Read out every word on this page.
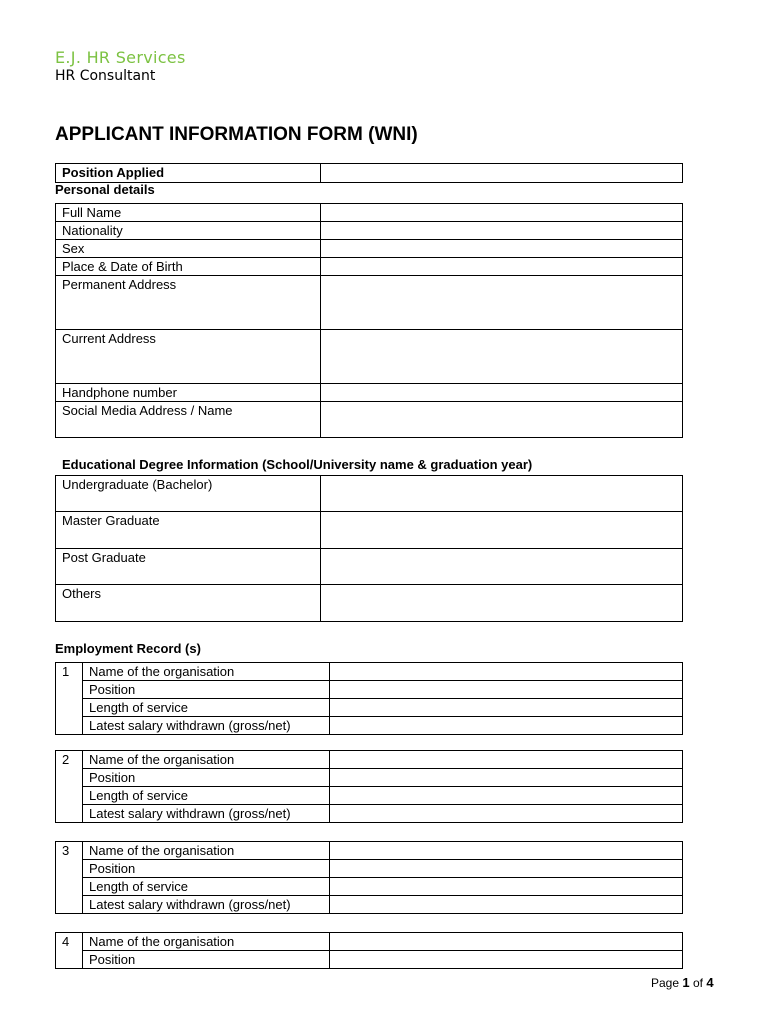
E.J. HR Services
HR Consultant
APPLICANT INFORMATION FORM (WNI)
Position Applied	
Personal details
Full Name	
Nationality	
Sex	
Place & Date of Birth	
Permanent Address	
Current Address	
Handphone number	
Social Media Address / Name	
Educational Degree Information (School/University name & graduation year)
Undergraduate (Bachelor)	
Master Graduate	
Post Graduate	
Others	
Employment Record (s)
1	Name of the organisation	
	Position	
	Length of service	
	Latest salary withdrawn (gross/net)	
2	Name of the organisation	
	Position	
	Length of service	
	Latest salary withdrawn (gross/net)	
3	Name of the organisation	
	Position	
	Length of service	
	Latest salary withdrawn (gross/net)	
4	Name of the organisation	
	Position	
Page 1 of 4
